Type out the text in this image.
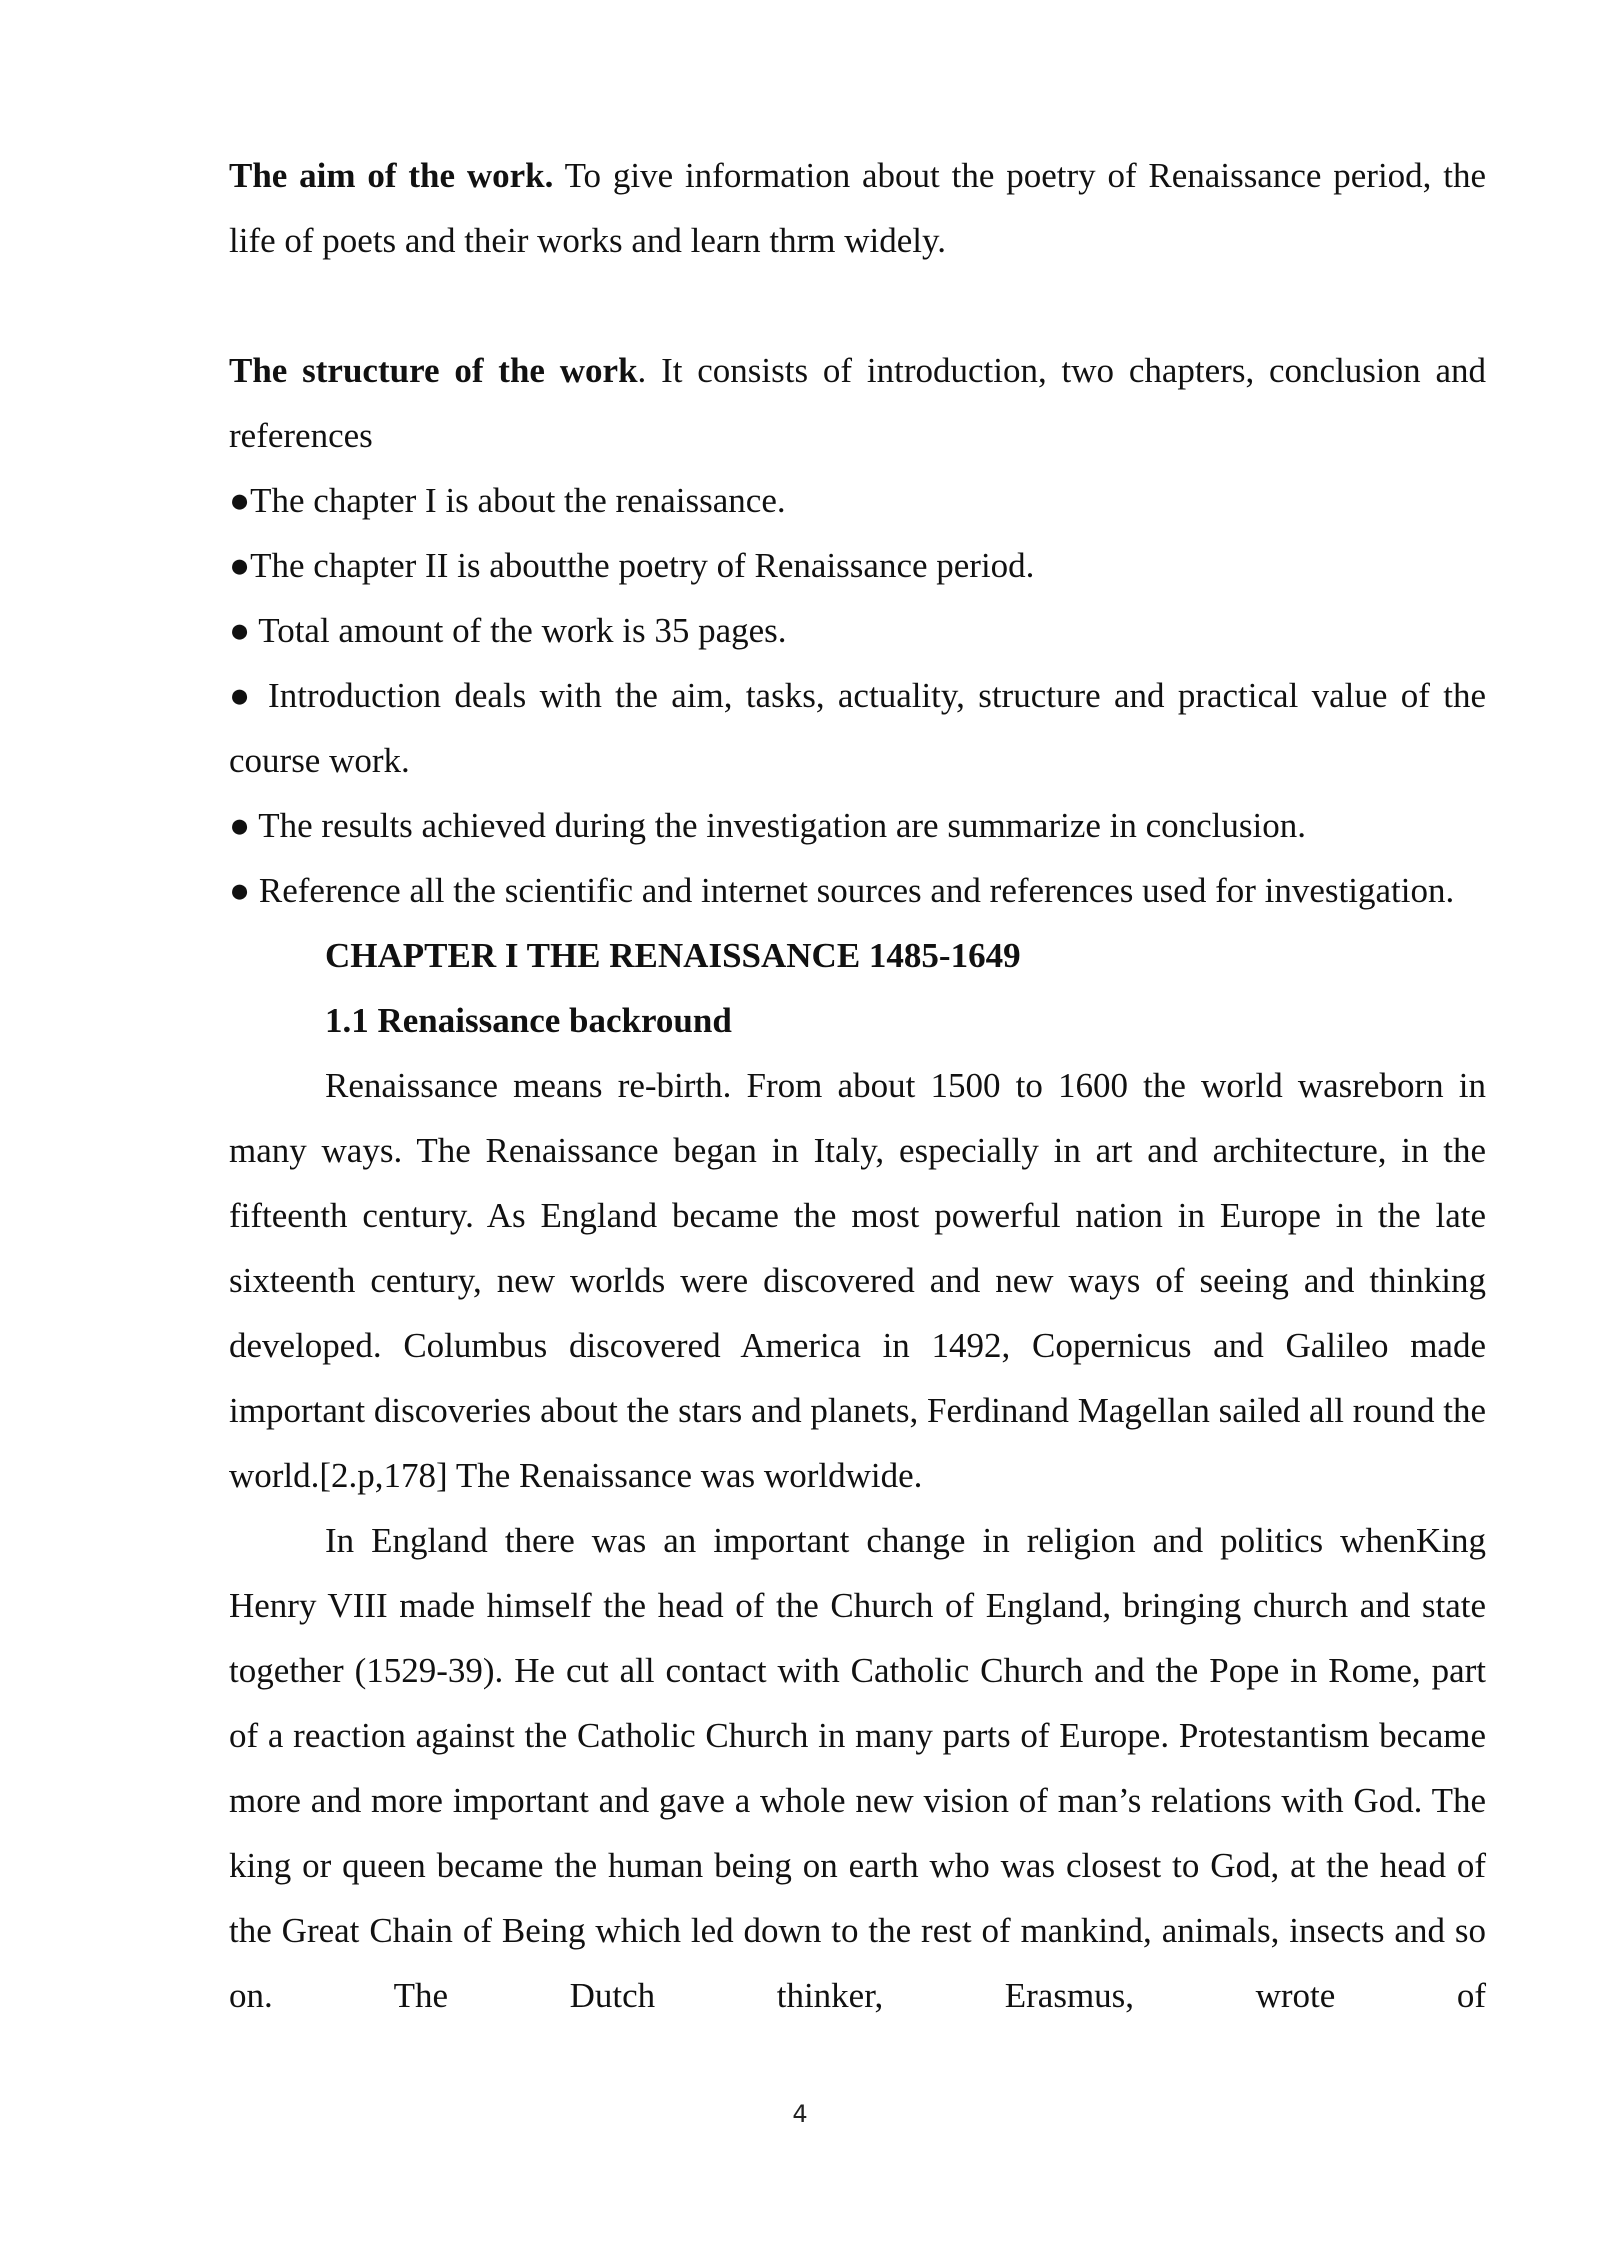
The aim of the work. To give information about the poetry of Renaissance period, the life of poets and their works and learn thrm widely.

The structure of the work. It consists of introduction, two chapters, conclusion and references

●The chapter I is about the renaissance.

●The chapter II is aboutthe poetry of Renaissance period.

● Total amount of the work is 35 pages.

● Introduction deals with the aim, tasks, actuality, structure and practical value of the course work.

● The results achieved during the investigation are summarize in conclusion.

● Reference all the scientific and internet sources and references used for investigation.

CHAPTER I THE RENAISSANCE 1485-1649

1.1 Renaissance backround

Renaissance means re-birth. From about 1500 to 1600 the world wasreborn in many ways. The Renaissance began in Italy, especially in art and architecture, in the fifteenth century. As England became the most powerful nation in Europe in the late sixteenth century, new worlds were discovered and new ways of seeing and thinking developed. Columbus discovered America in 1492, Copernicus and Galileo made important discoveries about the stars and planets, Ferdinand Magellan sailed all round the world.[2.p,178] The Renaissance was worldwide.

In England there was an important change in religion and politics whenKing Henry VIII made himself the head of the Church of England, bringing church and state together (1529-39). He cut all contact with Catholic Church and the Pope in Rome, part of a reaction against the Catholic Church in many parts of Europe. Protestantism became more and more important and gave a whole new vision of man’s relations with God. The king or queen became the human being on earth who was closest to God, at the head of the Great Chain of Being which led down to the rest of mankind, animals, insects and so on. The Dutch thinker, Erasmus, wrote of

4
